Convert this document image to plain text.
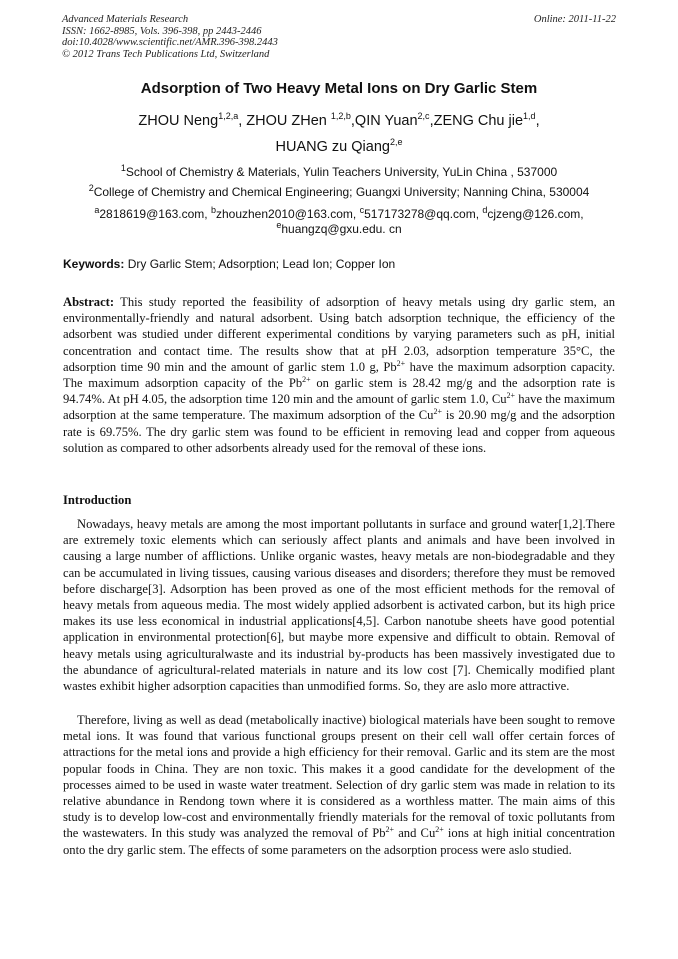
Advanced Materials Research
ISSN: 1662-8985, Vols. 396-398, pp 2443-2446
doi:10.4028/www.scientific.net/AMR.396-398.2443
© 2012 Trans Tech Publications Ltd, Switzerland
Online: 2011-11-22
Adsorption of Two Heavy Metal Ions on Dry Garlic Stem
ZHOU Neng$^{1,2,a}$, ZHOU ZHen $^{1,2,b}$,QIN Yuan$^{2,c}$,ZENG Chu jie$^{1,d}$,
HUANG zu Qiang$^{2,e}$
$^1$School of Chemistry & Materials, Yulin Teachers University, YuLin China , 537000
$^2$College of Chemistry and Chemical Engineering; Guangxi University; Nanning China, 530004
$^a$2818619@163.com, $^b$zhouzhen2010@163.com, $^c$517173278@qq.com, $^d$cjzeng@126.com,
$^e$huangzq@gxu.edu. cn
Keywords: Dry Garlic Stem; Adsorption; Lead Ion; Copper Ion
Abstract: This study reported the feasibility of adsorption of heavy metals using dry garlic stem, an environmentally-friendly and natural adsorbent. Using batch adsorption technique, the efficiency of the adsorbent was studied under different experimental conditions by varying parameters such as pH, initial concentration and contact time. The results show that at pH 2.03, adsorption temperature 35°C, the adsorption time 90 min and the amount of garlic stem 1.0 g, $Pb^{2+}$ have the maximum adsorption capacity. The maximum adsorption capacity of the $Pb^{2+}$ on garlic stem is 28.42 mg/g and the adsorption rate is 94.74%. At pH 4.05, the adsorption time 120 min and the amount of garlic stem 1.0, $Cu^{2+}$ have the maximum adsorption at the same temperature. The maximum adsorption of the $Cu^{2+}$ is 20.90 mg/g and the adsorption rate is 69.75%. The dry garlic stem was found to be efficient in removing lead and copper from aqueous solution as compared to other adsorbents already used for the removal of these ions.
Introduction
Nowadays, heavy metals are among the most important pollutants in surface and ground water[1,2].There are extremely toxic elements which can seriously affect plants and animals and have been involved in causing a large number of afflictions. Unlike organic wastes, heavy metals are non-biodegradable and they can be accumulated in living tissues, causing various diseases and disorders; therefore they must be removed before discharge[3]. Adsorption has been proved as one of the most efficient methods for the removal of heavy metals from aqueous media. The most widely applied adsorbent is activated carbon, but its high price makes its use less economical in industrial applications[4,5]. Carbon nanotube sheets have good potential application in environmental protection[6], but maybe more expensive and difficult to obtain. Removal of heavy metals using agriculturalwaste and its industrial by-products has been massively investigated due to the abundance of agricultural-related materials in nature and its low cost [7]. Chemically modified plant wastes exhibit higher adsorption capacities than unmodified forms. So, they are aslo more attractive.
Therefore, living as well as dead (metabolically inactive) biological materials have been sought to remove metal ions. It was found that various functional groups present on their cell wall offer certain forces of attractions for the metal ions and provide a high efficiency for their removal. Garlic and its stem are the most popular foods in China. They are non toxic. This makes it a good candidate for the development of the processes aimed to be used in waste water treatment. Selection of dry garlic stem was made in relation to its relative abundance in Rendong town where it is considered as a worthless matter. The main aims of this study is to develop low-cost and environmentally friendly materials for the removal of toxic pollutants from the wastewaters. In this study was analyzed the removal of $Pb^{2+}$ and $Cu^{2+}$ ions at high initial concentration onto the dry garlic stem. The effects of some parameters on the adsorption process were aslo studied.
